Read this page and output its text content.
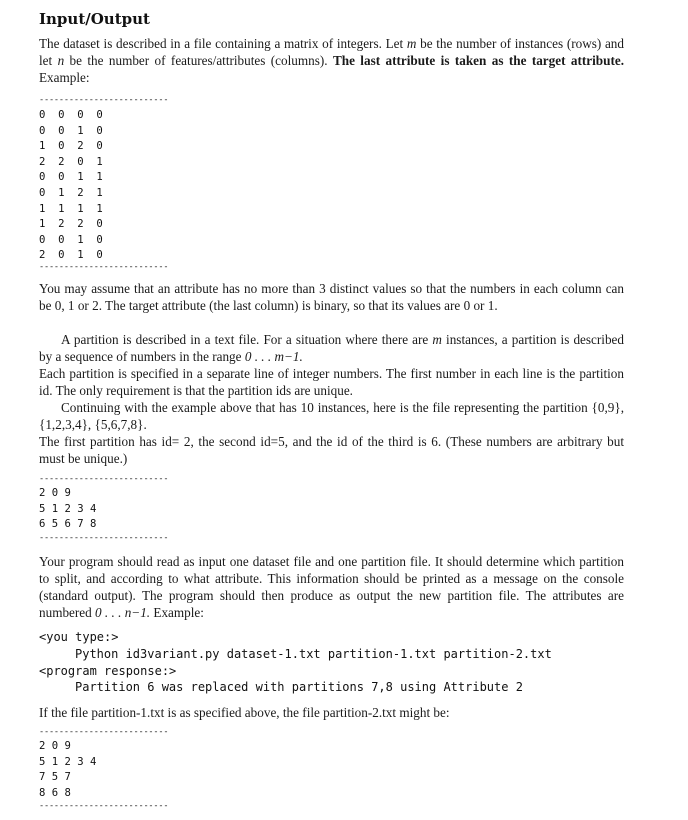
Input/Output

The dataset is described in a file containing a matrix of integers. Let m be the number of instances (rows) and let n be the number of features/attributes (columns). The last attribute is taken as the target attribute. Example:

--------------------------
0  0  0  0
0  0  1  0
1  0  2  0
2  2  0  1
0  0  1  1
0  1  2  1
1  1  1  1
1  2  2  0
0  0  1  0
2  0  1  0

--------------------------

You may assume that an attribute has no more than 3 distinct values so that the numbers in each column can be 0, 1 or 2. The target attribute (the last column) is binary, so that its values are 0 or 1.

A partition is described in a text file. For a situation where there are m instances, a partition is described by a sequence of numbers in the range 0 . . . m−1.

Each partition is specified in a separate line of integer numbers. The first number in each line is the partition id. The only requirement is that the partition ids are unique.

Continuing with the example above that has 10 instances, here is the file representing the partition {0,9}, {1,2,3,4}, {5,6,7,8}.

The first partition has id= 2, the second id=5, and the id of the third is 6. (These numbers are arbitrary but must be unique.)

--------------------------
2 0 9
5 1 2 3 4
6 5 6 7 8

--------------------------

Your program should read as input one dataset file and one partition file. It should determine which partition to split, and according to what attribute. This information should be printed as a message on the console (standard output). The program should then produce as output the new partition file. The attributes are numbered 0 . . . n−1. Example:

<you type:>
Python id3variant.py dataset-1.txt partition-1.txt partition-2.txt
<program response:>
Partition 6 was replaced with partitions 7,8 using Attribute 2

If the file partition-1.txt is as specified above, the file partition-2.txt might be:

--------------------------
2 0 9
5 1 2 3 4
7 5 7
8 6 8

--------------------------
